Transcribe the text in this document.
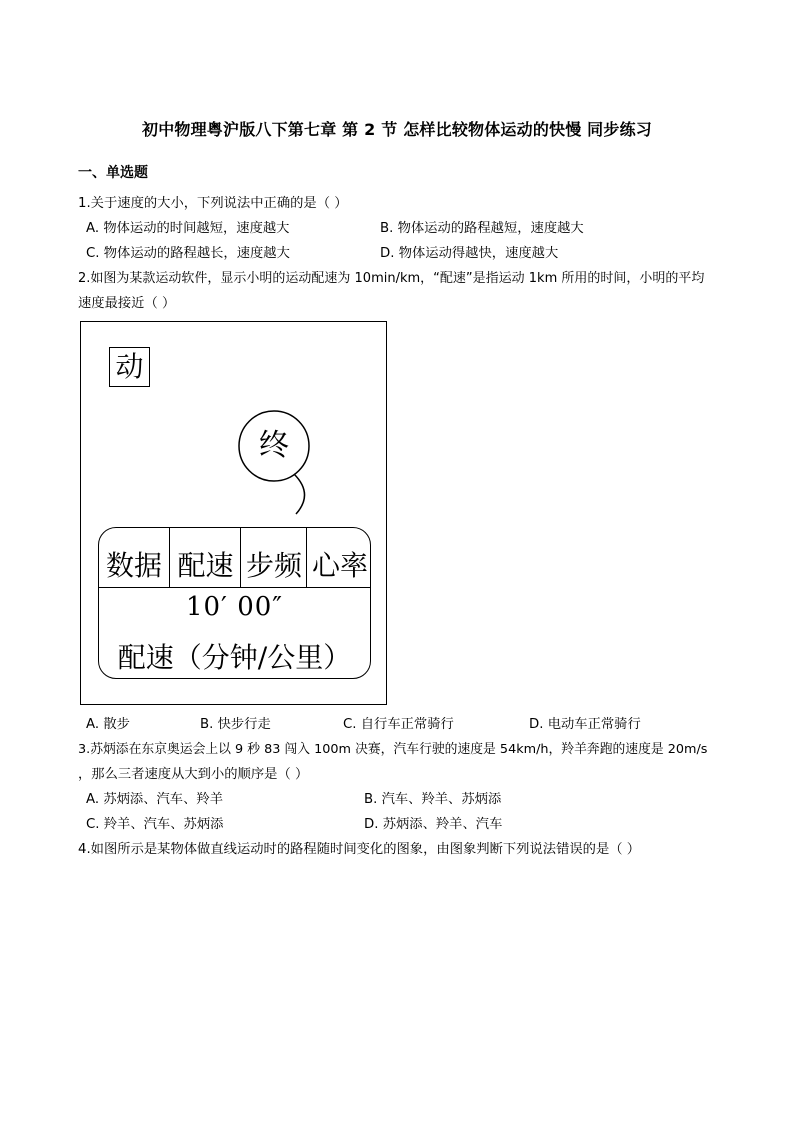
初中物理粤沪版八下第七章 第 2 节 怎样比较物体运动的快慢 同步练习
一、单选题
1.关于速度的大小，下列说法中正确的是（ ）
A. 物体运动的时间越短，速度越大	B. 物体运动的路程越短，速度越大
C. 物体运动的路程越长，速度越大	D. 物体运动得越快，速度越大
2.如图为某款运动软件，显示小明的运动配速为 10min/km，“配速”是指运动 1km 所用的时间，小明的平均
速度最接近（ ）
动
终
数据 配速 步频 心率
10′ 00″
配速（分钟/公里）
A. 散步	B. 快步行走	C. 自行车正常骑行	D. 电动车正常骑行
3.苏炳添在东京奥运会上以 9 秒 83 闯入 100m 决赛，汽车行驶的速度是 54km/h，羚羊奔跑的速度是 20m/s
，那么三者速度从大到小的顺序是（ ）
A. 苏炳添、汽车、羚羊	B. 汽车、羚羊、苏炳添
C. 羚羊、汽车、苏炳添	D. 苏炳添、羚羊、汽车
4.如图所示是某物体做直线运动时的路程随时间变化的图象，由图象判断下列说法错误的是（ ）
